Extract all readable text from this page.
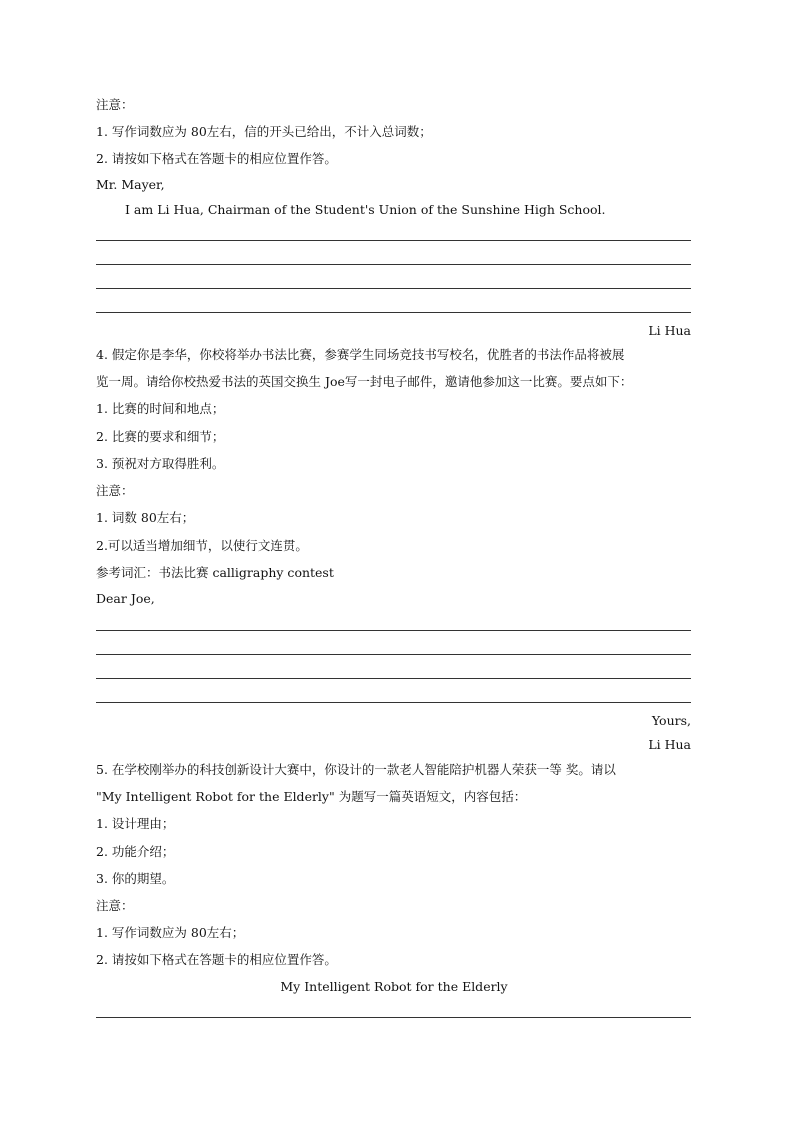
注意：
1. 写作词数应为 80左右，信的开头已给出，不计入总词数；
2. 请按如下格式在答题卡的相应位置作答。
Mr. Mayer,
I am Li Hua, Chairman of the Student's Union of the Sunshine High School.
Li Hua
4. 假定你是李华，你校将举办书法比赛，参赛学生同场竞技书写校名，优胜者的书法作品将被展
览一周。请给你校热爱书法的英国交换生 Joe写一封电子邮件，邀请他参加这一比赛。要点如下：
1. 比赛的时间和地点；
2. 比赛的要求和细节；
3. 预祝对方取得胜利。
注意：
1. 词数 80左右；
2.可以适当增加细节，以使行文连贯。
参考词汇：书法比赛 calligraphy contest
Dear Joe,
Yours,
Li Hua
5. 在学校刚举办的科技创新设计大赛中，你设计的一款老人智能陪护机器人荣获一等 奖。请以
"My Intelligent Robot for the Elderly" 为题写一篇英语短文，内容包括：
1. 设计理由；
2. 功能介绍；
3. 你的期望。
注意：
1. 写作词数应为 80左右；
2. 请按如下格式在答题卡的相应位置作答。
My Intelligent Robot for the Elderly
